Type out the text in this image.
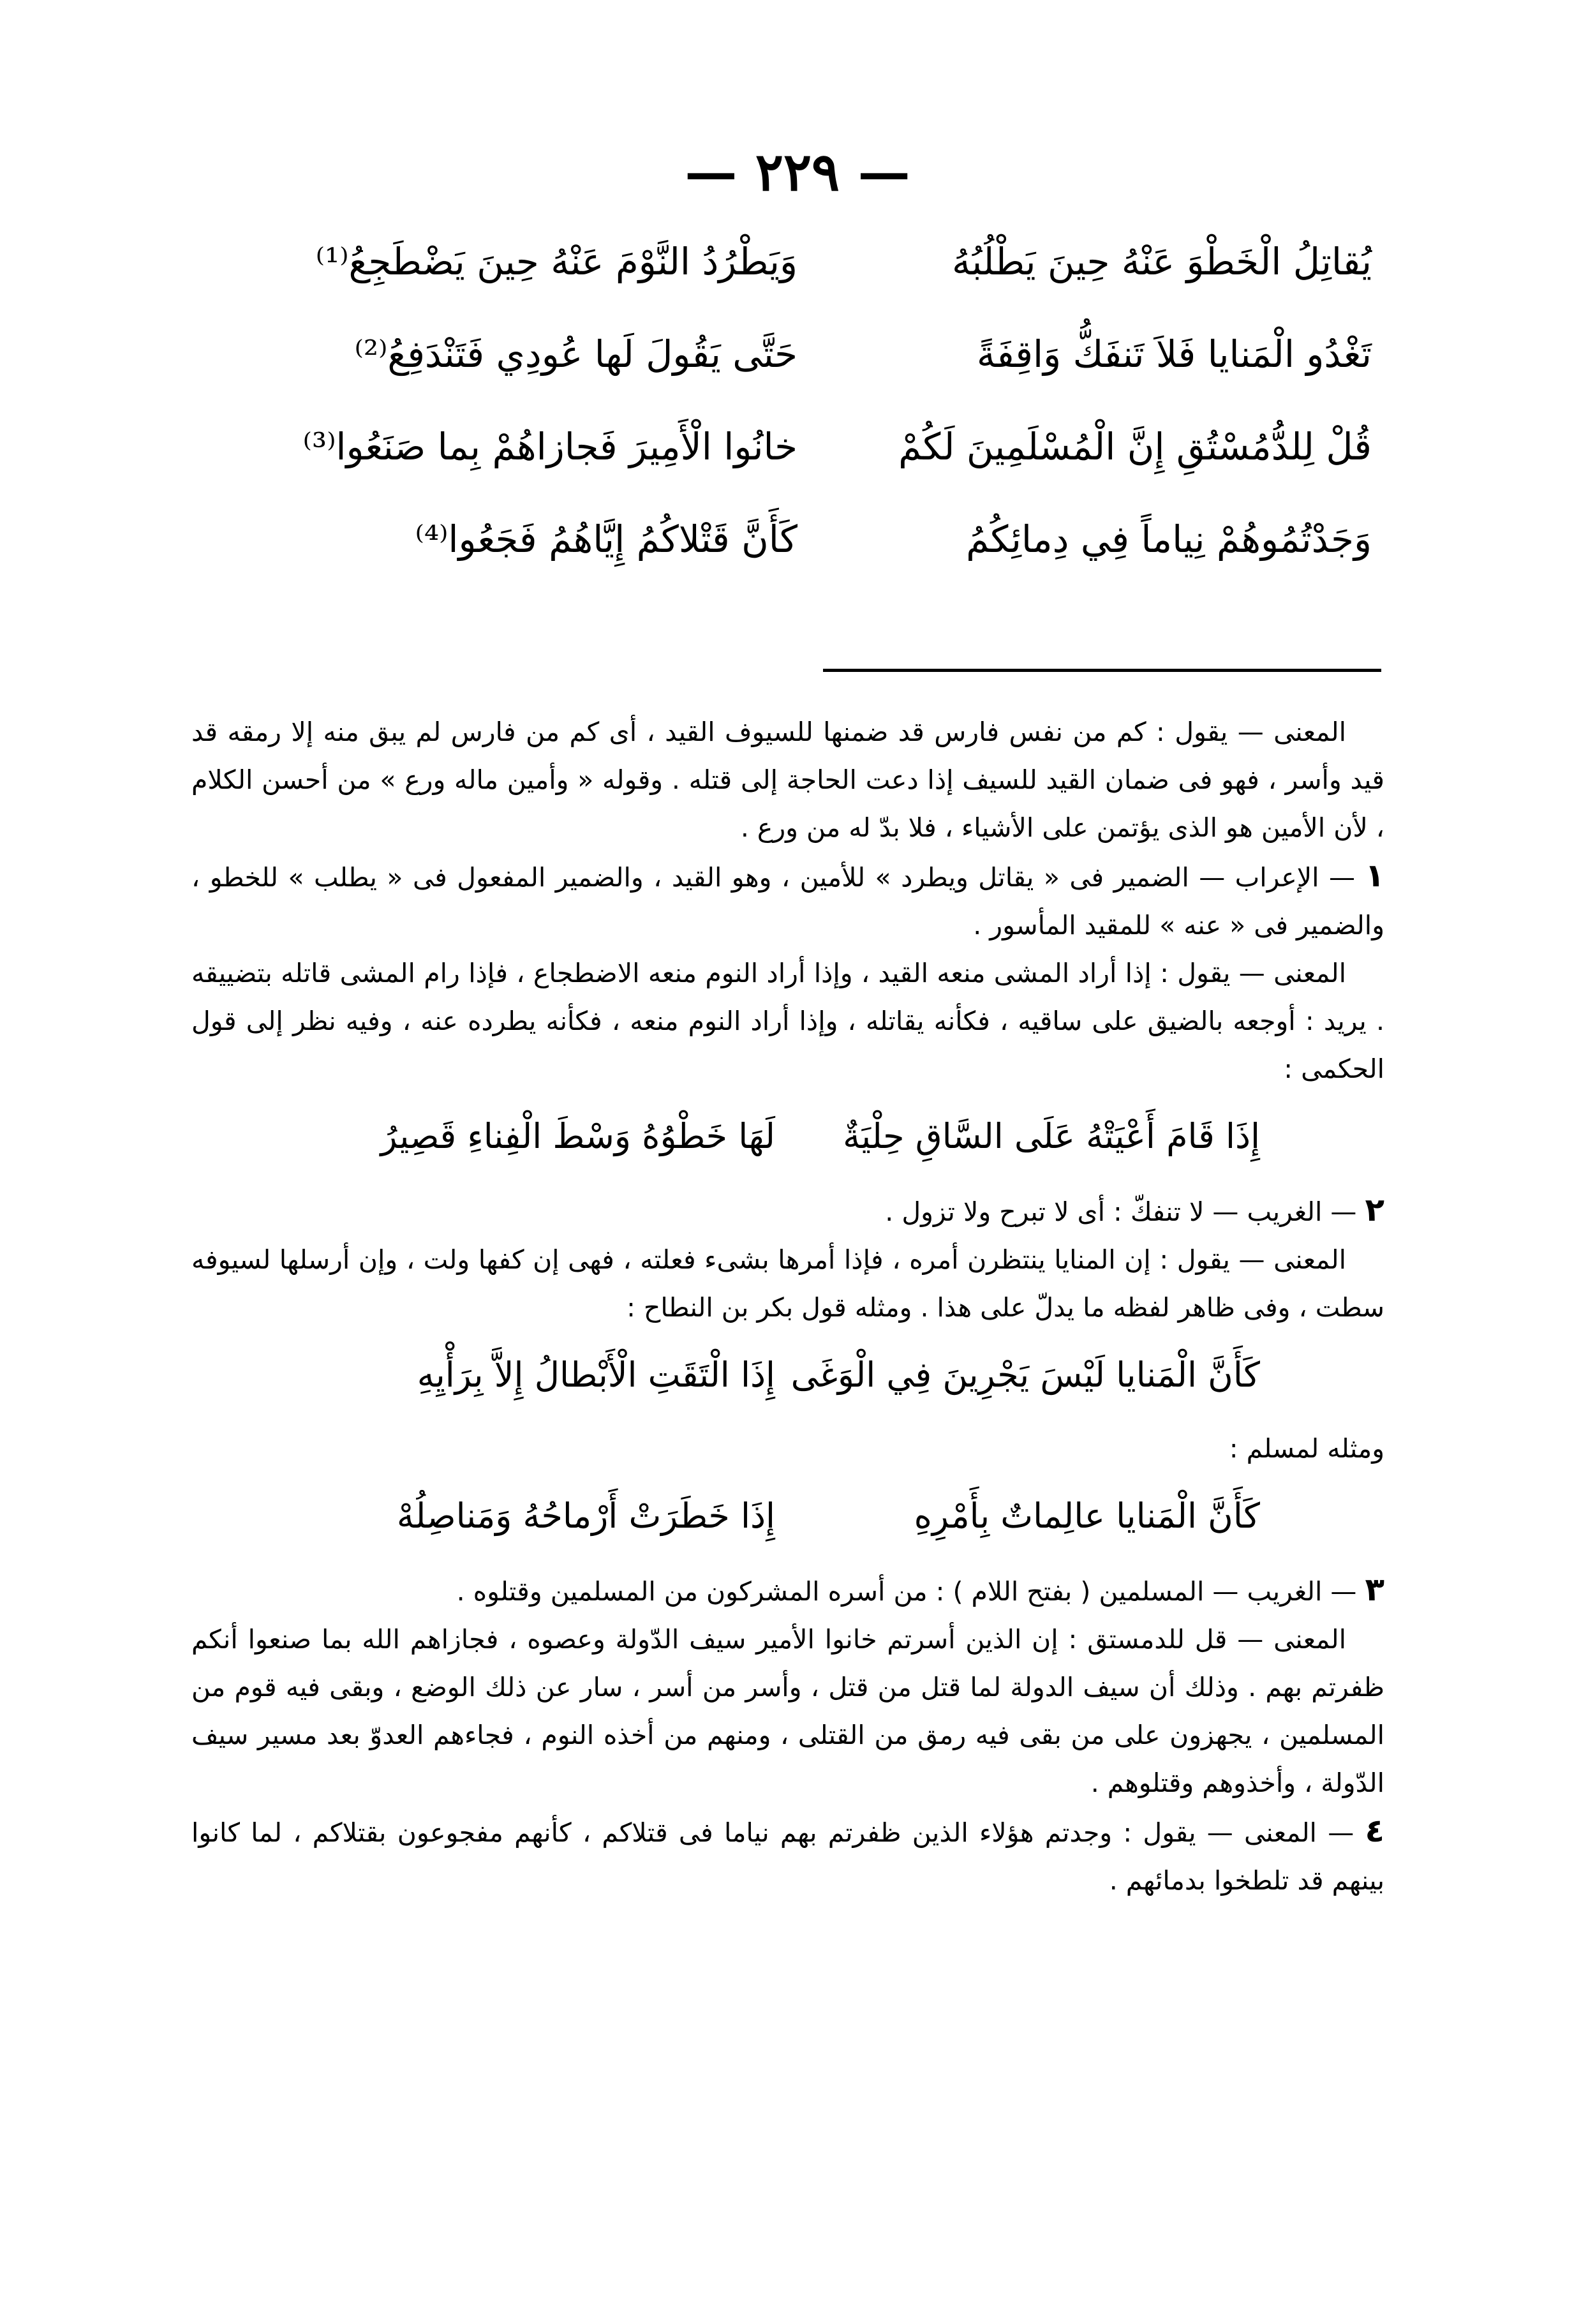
— ٢٢٩ —
يُقاتِلُ الْخَطْوَ عَنْهُ حِينَ يَطْلُبُهُ
وَيَطْرُدُ النَّوْمَ عَنْهُ حِينَ يَضْطَجِعُ⁽¹⁾
تَغْدُو الْمَنايا فَلاَ تَنفَكُّ وَاقِفَةً
حَتَّى يَقُولَ لَها عُودِي فَتَنْدَفِعُ⁽²⁾
قُلْ لِلدُّمُسْتُقِ إِنَّ الْمُسْلَمِينَ لَكُمْ
خانُوا الْأَمِيرَ فَجازاهُمْ بِما صَنَعُوا⁽³⁾
وَجَدْتُمُوهُمْ نِياماً فِي دِمائِكُمُ
كَأَنَّ قَتْلاكُمُ إِيَّاهُمُ فَجَعُوا⁽⁴⁾

المعنى — يقول : كم من نفس فارس قد ضمنها للسيوف القيد ، أى كم من فارس لم يبق منه إلا رمقه قد قيد وأسر ، فهو فى ضمان القيد للسيف إذا دعت الحاجة إلى قتله . وقوله « وأمين ماله ورع » من أحسن الكلام ، لأن الأمين هو الذى يؤتمن على الأشياء ، فلا بدّ له من ورع .

١ — الإعراب — الضمير فى « يقاتل ويطرد » للأمين ، وهو القيد ، والضمير المفعول فى « يطلب » للخطو ، والضمير فى « عنه » للمقيد المأسور .

المعنى — يقول : إذا أراد المشى منعه القيد ، وإذا أراد النوم منعه الاضطجاع ، فإذا رام المشى قاتله بتضييقه . يريد : أوجعه بالضيق على ساقيه ، فكأنه يقاتله ، وإذا أراد النوم منعه ، فكأنه يطرده عنه ، وفيه نظر إلى قول الحكمى :

إِذَا قَامَ أَعْيَتْهُ عَلَى السَّاقِ حِلْيَةٌ
لَهَا خَطْوُهُ وَسْطَ الْفِناءِ قَصِيرُ

٢ — الغريب — لا تنفكّ : أى لا تبرح ولا تزول .

المعنى — يقول : إن المنايا ينتظرن أمره ، فإذا أمرها بشىء فعلته ، فهى إن كفها ولت ، وإن أرسلها لسيوفه سطت ، وفى ظاهر لفظه ما يدلّ على هذا . ومثله قول بكر بن النطاح :

كَأَنَّ الْمَنايا لَيْسَ يَجْرِينَ فِي الْوَغَى
إِذَا الْتَقَتِ الْأَبْطالُ إِلاَّ بِرَأْيِهِ

ومثله لمسلم :

كَأَنَّ الْمَنايا عالِماتٌ بِأَمْرِهِ
إِذَا خَطَرَتْ أَرْماحُهُ وَمَناصِلُهْ

٣ — الغريب — المسلمين ( بفتح اللام ) : من أسره المشركون من المسلمين وقتلوه .

المعنى — قل للدمستق : إن الذين أسرتم خانوا الأمير سيف الدّولة وعصوه ، فجازاهم الله بما صنعوا أنكم ظفرتم بهم . وذلك أن سيف الدولة لما قتل من قتل ، وأسر من أسر ، سار عن ذلك الوضع ، وبقى فيه قوم من المسلمين ، يجهزون على من بقى فيه رمق من القتلى ، ومنهم من أخذه النوم ، فجاءهم العدوّ بعد مسير سيف الدّولة ، وأخذوهم وقتلوهم .

٤ — المعنى — يقول : وجدتم هؤلاء الذين ظفرتم بهم نياما فى قتلاكم ، كأنهم مفجوعون بقتلاكم ، لما كانوا بينهم قد تلطخوا بدمائهم .
